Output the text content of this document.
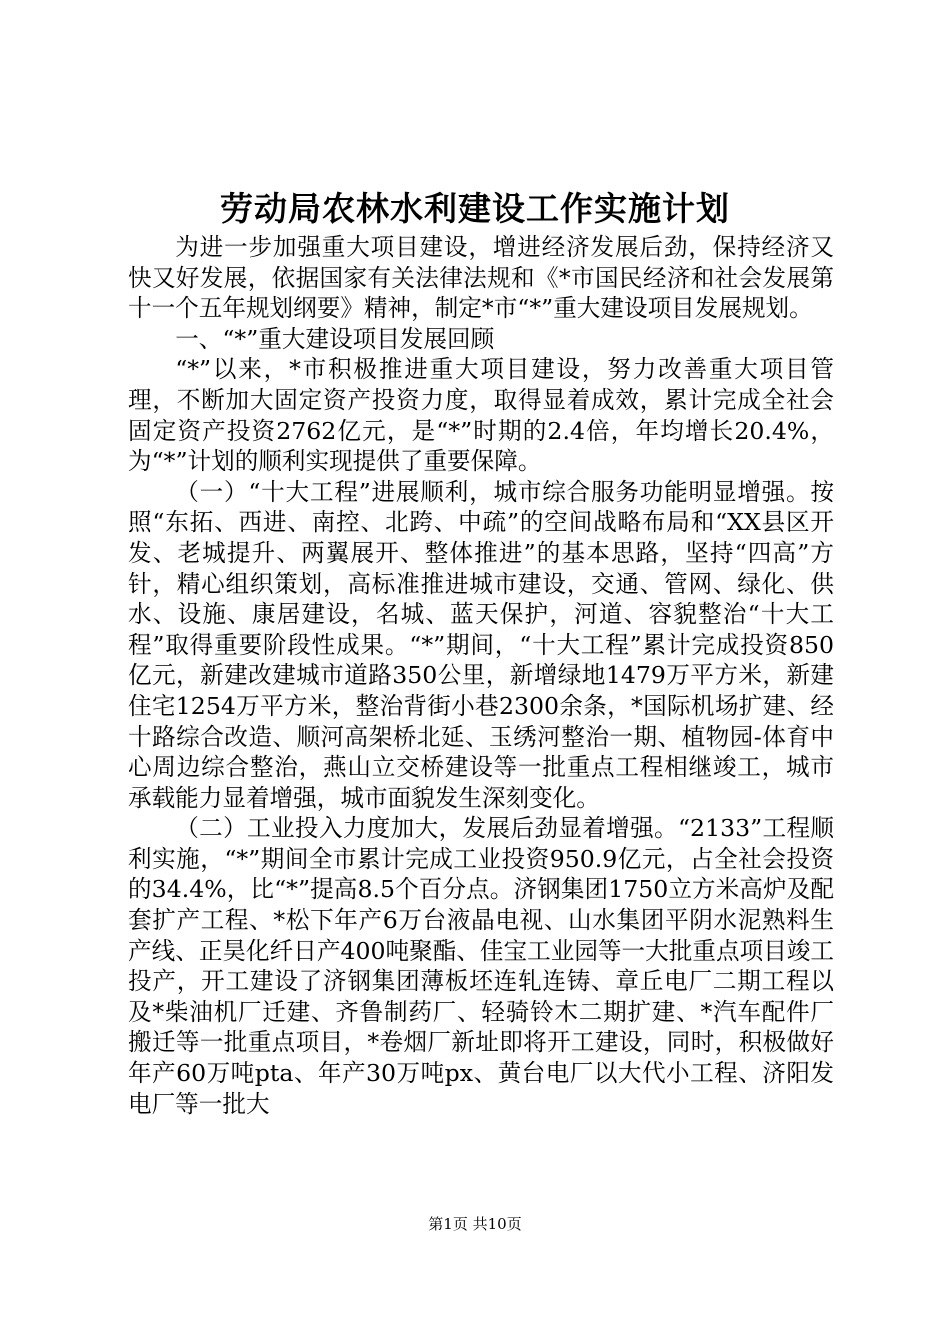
劳动局农林水利建设工作实施计划

为进一步加强重大项目建设，增进经济发展后劲，保持经济又快又好发展，依据国家有关法律法规和《*市国民经济和社会发展第十一个五年规划纲要》精神，制定*市“*”重大建设项目发展规划。

一、“*”重大建设项目发展回顾

“*”以来，*市积极推进重大项目建设，努力改善重大项目管理，不断加大固定资产投资力度，取得显着成效，累计完成全社会固定资产投资2762亿元，是“*”时期的2.4倍，年均增长20.4%，为“*”计划的顺利实现提供了重要保障。

（一）“十大工程”进展顺利，城市综合服务功能明显增强。按照“东拓、西进、南控、北跨、中疏”的空间战略布局和“XX县区开发、老城提升、两翼展开、整体推进”的基本思路，坚持“四高”方针，精心组织策划，高标准推进城市建设，交通、管网、绿化、供水、设施、康居建设，名城、蓝天保护，河道、容貌整治“十大工程”取得重要阶段性成果。“*”期间，“十大工程”累计完成投资850亿元，新建改建城市道路350公里，新增绿地1479万平方米，新建住宅1254万平方米，整治背街小巷2300余条，*国际机场扩建、经十路综合改造、顺河高架桥北延、玉绣河整治一期、植物园-体育中心周边综合整治，燕山立交桥建设等一批重点工程相继竣工，城市承载能力显着增强，城市面貌发生深刻变化。

（二）工业投入力度加大，发展后劲显着增强。“2133”工程顺利实施，“*”期间全市累计完成工业投资950.9亿元，占全社会投资的34.4%，比“*”提高8.5个百分点。济钢集团1750立方米高炉及配套扩产工程、*松下年产6万台液晶电视、山水集团平阴水泥熟料生产线、正昊化纤日产400吨聚酯、佳宝工业园等一大批重点项目竣工投产，开工建设了济钢集团薄板坯连轧连铸、章丘电厂二期工程以及*柴油机厂迁建、齐鲁制药厂、轻骑铃木二期扩建、*汽车配件厂搬迁等一批重点项目，*卷烟厂新址即将开工建设，同时，积极做好年产60万吨pta、年产30万吨px、黄台电厂以大代小工程、济阳发电厂等一批大

第1页 共10页
